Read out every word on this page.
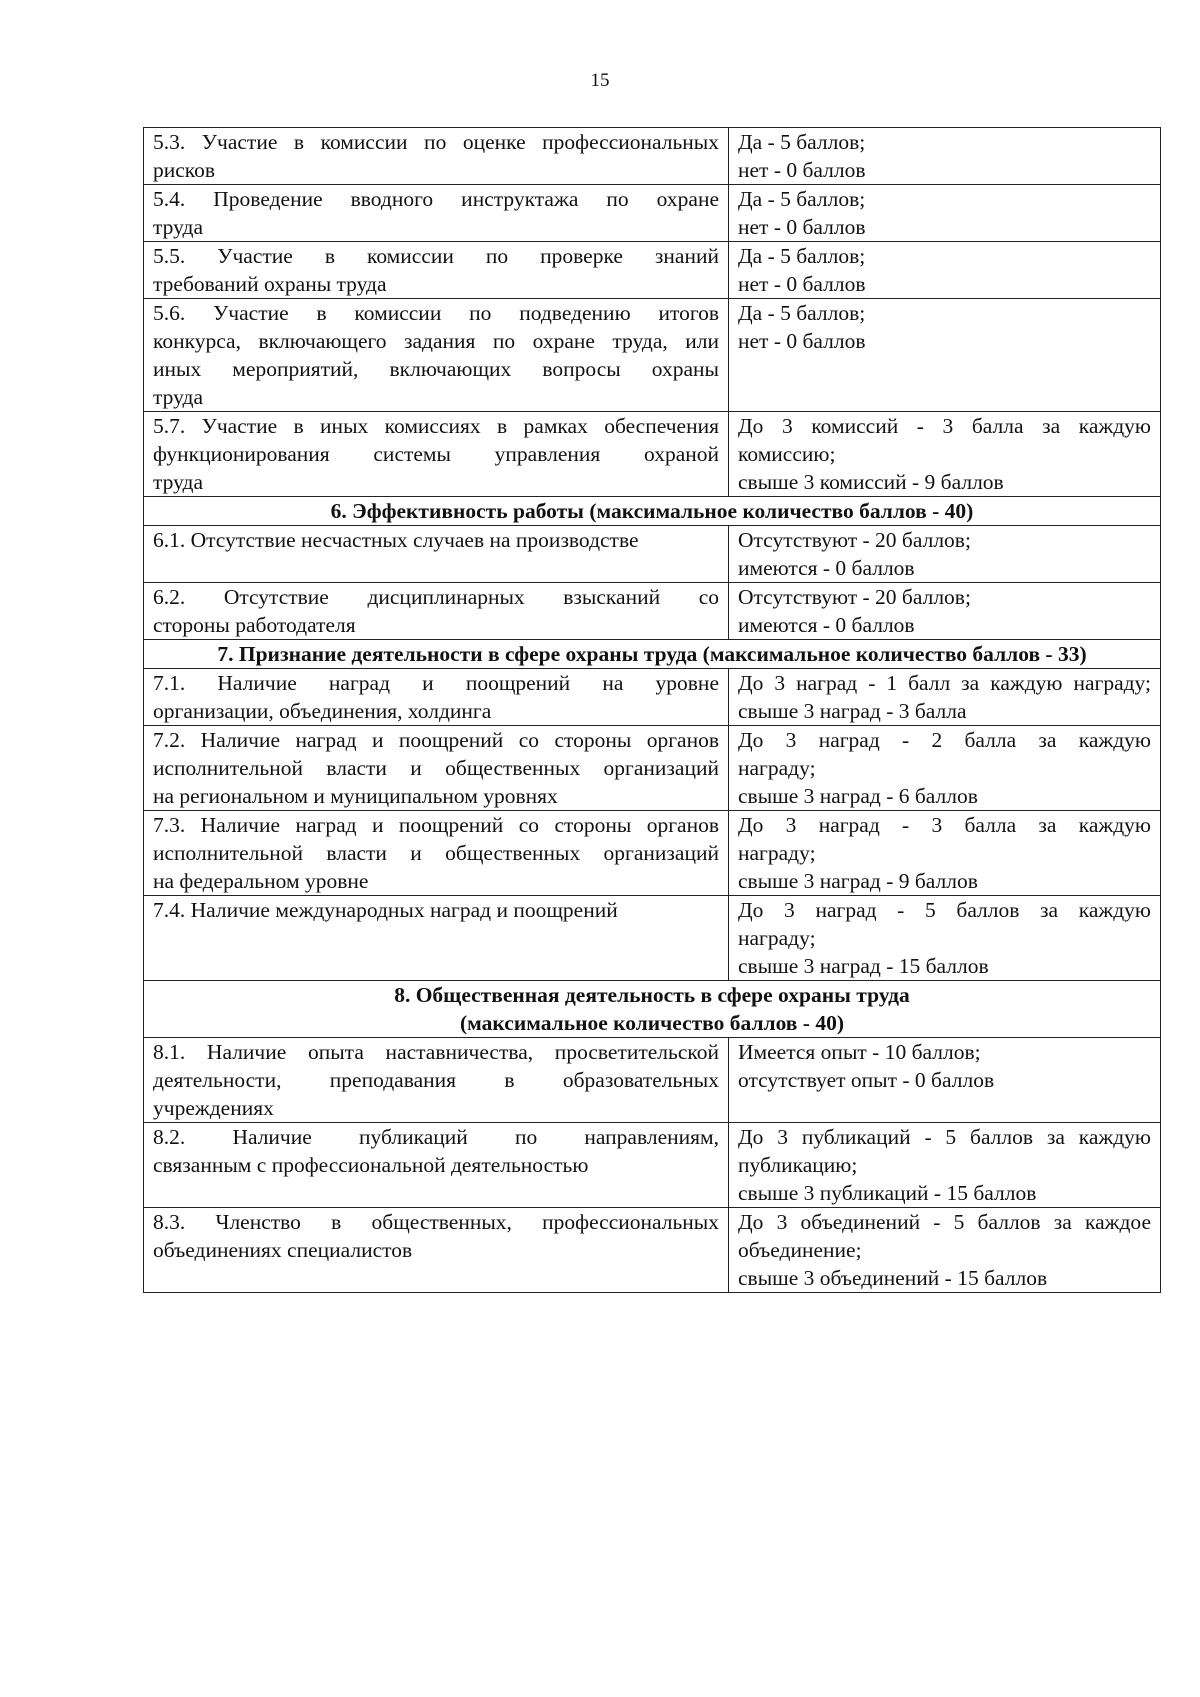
15
5.3. Участие в комиссии по оценке профессиональных
рисков	Да - 5 баллов;
нет - 0 баллов

5.4. Проведение вводного инструктажа по охране
труда	Да - 5 баллов;
нет - 0 баллов

5.5. Участие в комиссии по проверке знаний
требований охраны труда	Да - 5 баллов;
нет - 0 баллов

5.6. Участие в комиссии по подведению итогов
конкурса, включающего задания по охране труда, или
иных мероприятий, включающих вопросы охраны
труда	Да - 5 баллов;
нет - 0 баллов

5.7. Участие в иных комиссиях в рамках обеспечения
функционирования системы управления охраной
труда	До 3 комиссий - 3 балла за каждую
комиссию;
свыше 3 комиссий - 9 баллов

6. Эффективность работы (максимальное количество баллов - 40)	

6.1. Отсутствие несчастных случаев на производстве	Отсутствуют - 20 баллов;
имеются - 0 баллов

6.2. Отсутствие дисциплинарных взысканий со
стороны работодателя	Отсутствуют - 20 баллов;
имеются - 0 баллов

7. Признание деятельности в сфере охраны труда (максимальное количество баллов - 33)	

7.1. Наличие наград и поощрений на уровне
организации, объединения, холдинга	До 3 наград - 1 балл за каждую награду;
свыше 3 наград - 3 балла

7.2. Наличие наград и поощрений со стороны органов
исполнительной власти и общественных организаций
на региональном и муниципальном уровнях	До 3 наград - 2 балла за каждую
награду;
свыше 3 наград - 6 баллов

7.3. Наличие наград и поощрений со стороны органов
исполнительной власти и общественных организаций
на федеральном уровне	До 3 наград - 3 балла за каждую
награду;
свыше 3 наград - 9 баллов

7.4. Наличие международных наград и поощрений	До 3 наград - 5 баллов за каждую
награду;
свыше 3 наград - 15 баллов

8. Общественная деятельность в сфере охраны труда
(максимальное количество баллов - 40)	

8.1. Наличие опыта наставничества, просветительской
деятельности, преподавания в образовательных
учреждениях	Имеется опыт - 10 баллов;
отсутствует опыт - 0 баллов

8.2. Наличие публикаций по направлениям,
связанным с профессиональной деятельностью	До 3 публикаций - 5 баллов за каждую
публикацию;
свыше 3 публикаций - 15 баллов

8.3. Членство в общественных, профессиональных
объединениях специалистов	До 3 объединений - 5 баллов за каждое
объединение;
свыше 3 объединений - 15 баллов
